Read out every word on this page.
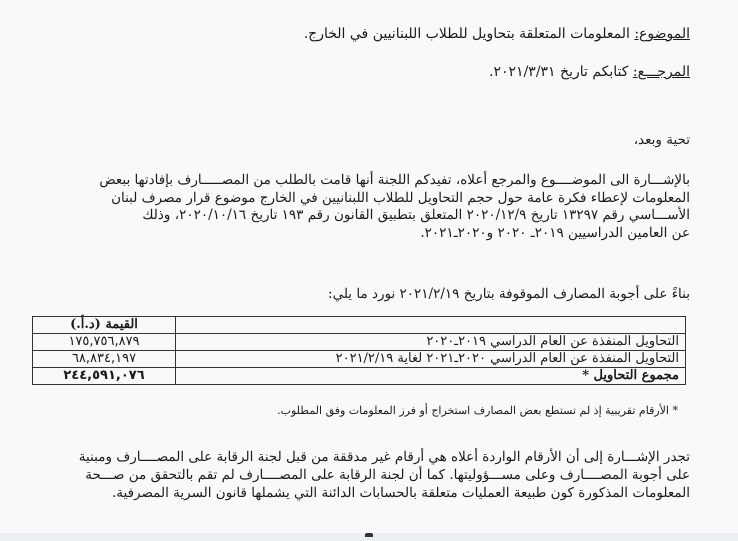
الموضوع: المعلومات المتعلقة بتحاويل للطلاب اللبنانيين في الخارج.
المرجـــع: كتابكم تاريخ ٢٠٢١/٣/٣١.
تحية وبعد،
بالإشـــارة الى الموضــــوع والمرجع أعلاه، تفيدكم اللجنة أنها قامت بالطلب من المصـــــارف بإفادتها ببعض
المعلومات لإعطاء فكرة عامة حول حجم التحاويل للطلاب اللبنانيين في الخارج موضوع قرار مصرف لبنان
الأســـاسي رقم ١٣٢٩٧ تاريخ ٢٠٢٠/١٢/٩ المتعلق بتطبيق القانون رقم ١٩٣ تاريخ ٢٠٢٠/١٠/١٦، وذلك
عن العامين الدراسيين ٢٠١٩ـ ٢٠٢٠ و٢٠٢٠ـ٢٠٢١.
بناءً على أجوبة المصارف الموقوفة بتاريخ ٢٠٢١/٢/١٩ نورد ما يلي:
	القيمة (د.أ.)
التحاويل المنفذة عن العام الدراسي ٢٠١٩ـ٢٠٢٠	١٧٥,٧٥٦,٨٧٩
التحاويل المنفذة عن العام الدراسي ٢٠٢٠ـ٢٠٢١ لغاية ٢٠٢١/٢/١٩	٦٨,٨٣٤,١٩٧
مجموع التحاويل *	٢٤٤,٥٩١,٠٧٦
* الأرقام تقريبية إذ لم تستطع بعض المصارف استخراج أو فرز المعلومات وفق المطلوب.
تجدر الإشـــارة إلى أن الأرقام الواردة أعلاه هي أرقام غير مدققة من قبل لجنة الرقابة على المصــــارف ومبنية
على أجوبة المصــــارف وعلى مســـؤوليتها. كما أن لجنة الرقابة على المصــــارف لم تقم بالتحقق من صـــحة
المعلومات المذكورة كون طبيعة العمليات متعلقة بالحسابات الدائنة التي يشملها قانون السرية المصرفية.
